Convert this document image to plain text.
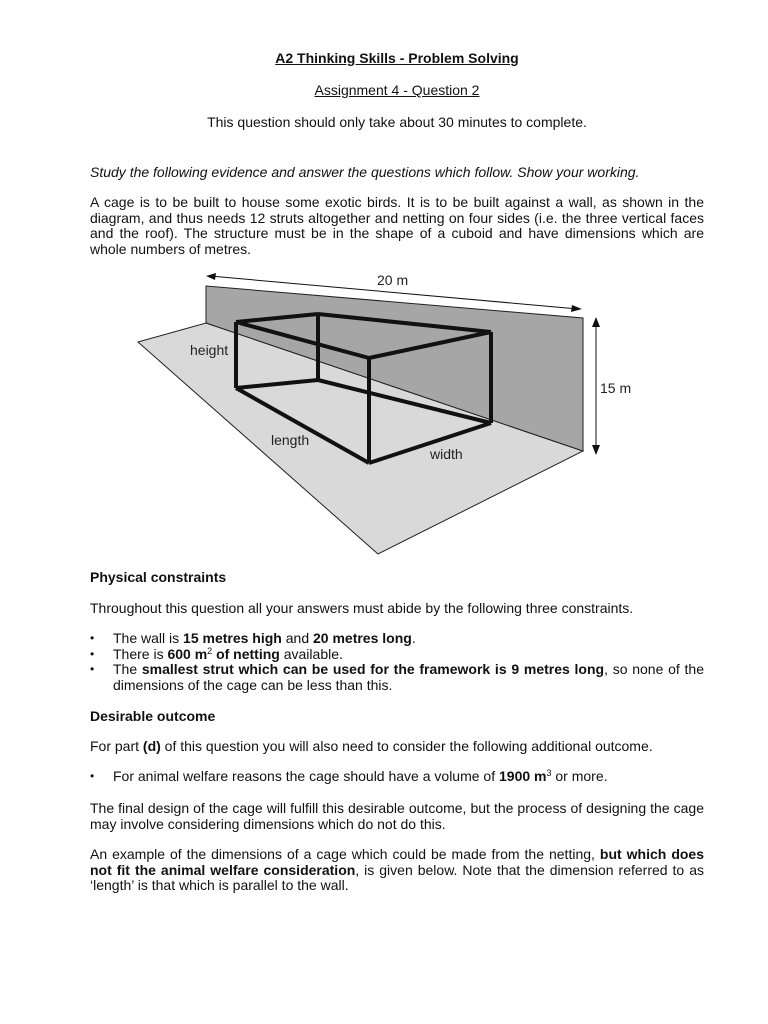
20 m
15 m
height
length
width
A2 Thinking Skills - Problem Solving
Assignment 4 - Question 2
This question should only take about 30 minutes to complete.
Study the following evidence and answer the questions which follow. Show your working.
A cage is to be built to house some exotic birds. It is to be built against a wall, as shown in the diagram, and thus needs 12 struts altogether and netting on four sides (i.e. the three vertical faces and the roof). The structure must be in the shape of a cuboid and have dimensions which are whole numbers of metres.
Physical constraints
Throughout this question all your answers must abide by the following three constraints.
• The wall is 15 metres high and 20 metres long.
• There is 600 $m^2$ of netting available.
• The smallest strut which can be used for the framework is 9 metres long, so none of the dimensions of the cage can be less than this.
Desirable outcome
For part (d) of this question you will also need to consider the following additional outcome.
• For animal welfare reasons the cage should have a volume of 1900 $m^3$ or more.
The final design of the cage will fulfill this desirable outcome, but the process of designing the cage may involve considering dimensions which do not do this.
An example of the dimensions of a cage which could be made from the netting, but which does not fit the animal welfare consideration, is given below. Note that the dimension referred to as ‘length’ is that which is parallel to the wall.
